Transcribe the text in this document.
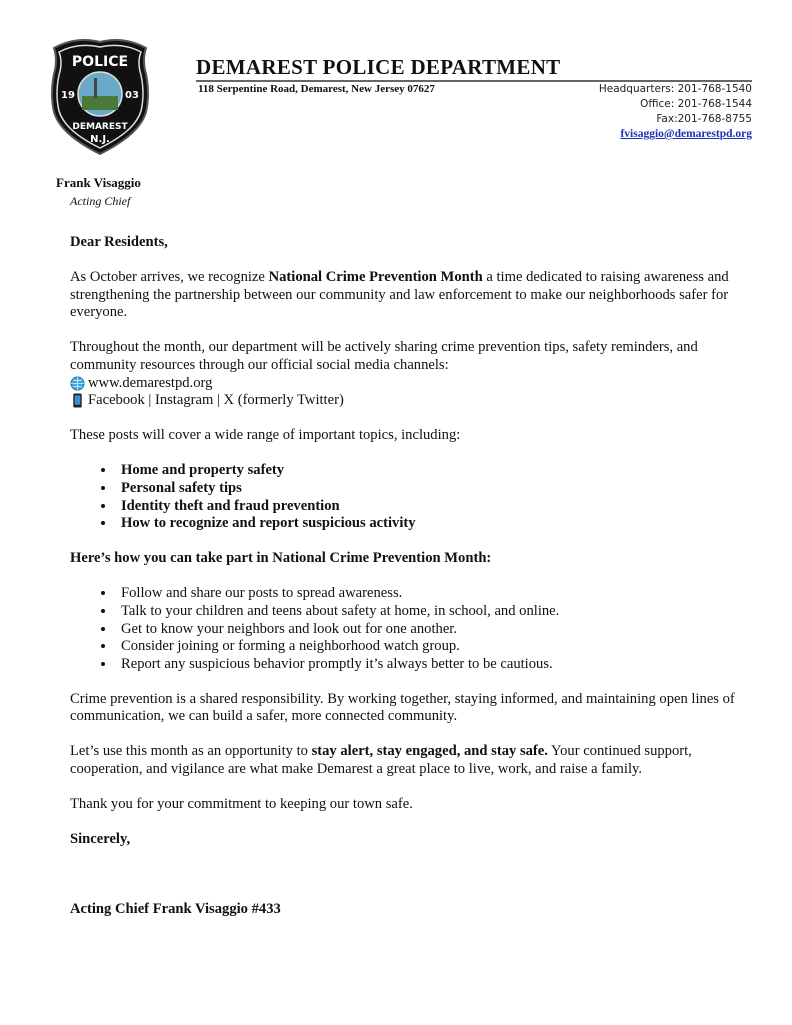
POLICE
19	03
DEMAREST
N.J.
DEMAREST POLICE DEPARTMENT
118 Serpentine Road, Demarest, New Jersey 07627	Headquarters: 201-768-1540
Office: 201-768-1544
Fax:201-768-8755
fvisaggio@demarestpd.org
Frank Visaggio
Acting Chief

Dear Residents,

As October arrives, we recognize National Crime Prevention Month a time dedicated to raising awareness and strengthening the partnership between our community and law enforcement to make our neighborhoods safer for everyone.

Throughout the month, our department will be actively sharing crime prevention tips, safety reminders, and community resources through our official social media channels:

www.demarestpd.org
Facebook | Instagram | X (formerly Twitter)

These posts will cover a wide range of important topics, including:

• Home and property safety
• Personal safety tips
• Identity theft and fraud prevention
• How to recognize and report suspicious activity

Here’s how you can take part in National Crime Prevention Month:

• Follow and share our posts to spread awareness.
• Talk to your children and teens about safety at home, in school, and online.
• Get to know your neighbors and look out for one another.
• Consider joining or forming a neighborhood watch group.
• Report any suspicious behavior promptly it’s always better to be cautious.

Crime prevention is a shared responsibility. By working together, staying informed, and maintaining open lines of communication, we can build a safer, more connected community.

Let’s use this month as an opportunity to stay alert, stay engaged, and stay safe. Your continued support, cooperation, and vigilance are what make Demarest a great place to live, work, and raise a family.

Thank you for your commitment to keeping our town safe.

Sincerely,

Acting Chief Frank Visaggio #433
